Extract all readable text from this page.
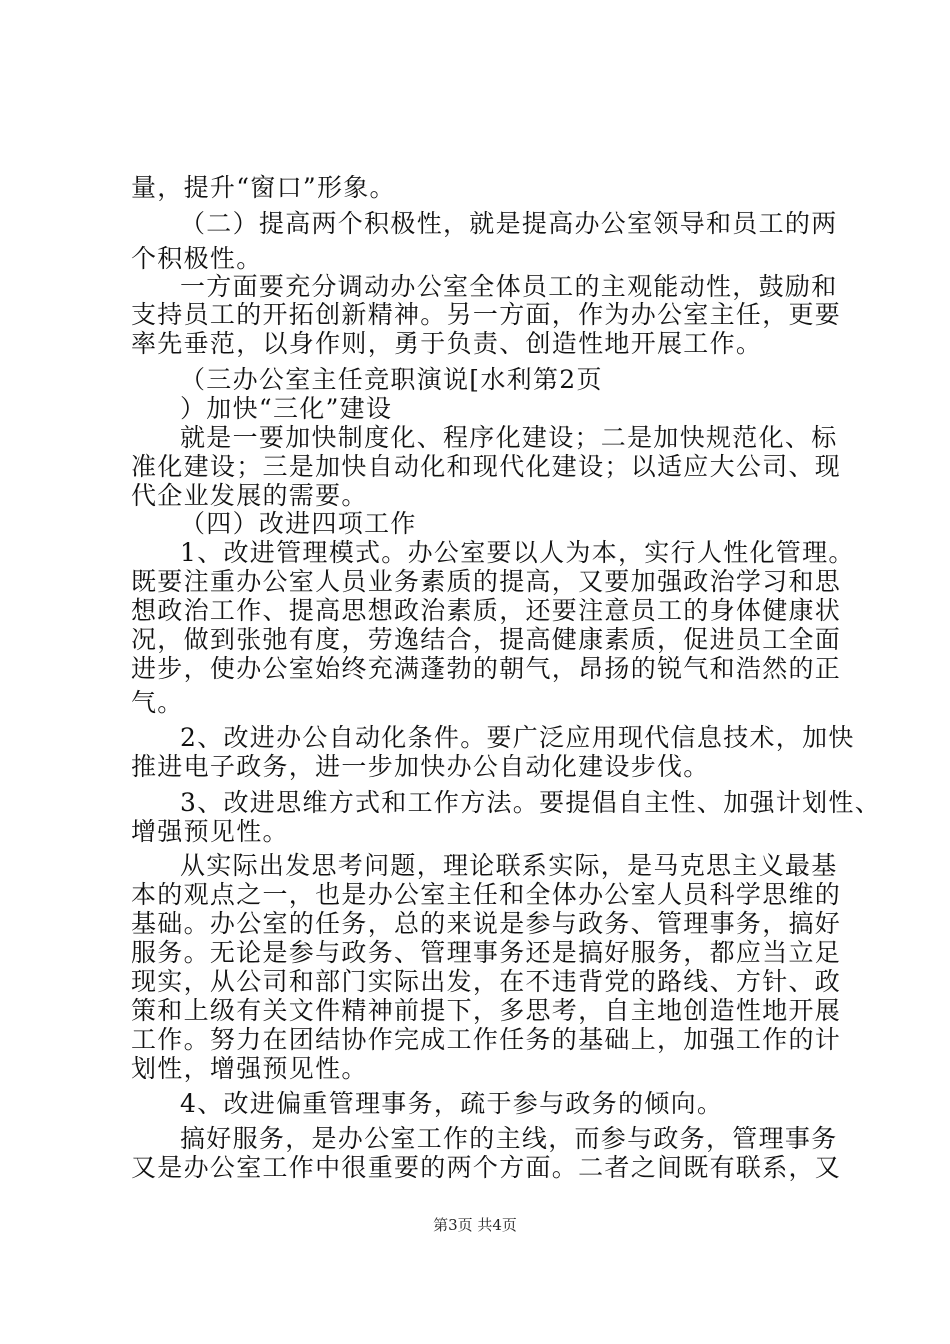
量，提升“窗口”形象。
（二）提高两个积极性，就是提高办公室领导和员工的两
个积极性。
一方面要充分调动办公室全体员工的主观能动性，鼓励和
支持员工的开拓创新精神。另一方面，作为办公室主任，更要
率先垂范，以身作则，勇于负责、创造性地开展工作。
（三办公室主任竞职演说[水利第2页
）加快“三化”建设
就是一要加快制度化、程序化建设；二是加快规范化、标
准化建设；三是加快自动化和现代化建设；以适应大公司、现
代企业发展的需要。
（四）改进四项工作
1、改进管理模式。办公室要以人为本，实行人性化管理。
既要注重办公室人员业务素质的提高，又要加强政治学习和思
想政治工作、提高思想政治素质，还要注意员工的身体健康状
况，做到张弛有度，劳逸结合，提高健康素质，促进员工全面
进步，使办公室始终充满蓬勃的朝气，昂扬的锐气和浩然的正
气。
2、改进办公自动化条件。要广泛应用现代信息技术，加快
推进电子政务，进一步加快办公自动化建设步伐。
3、改进思维方式和工作方法。要提倡自主性、加强计划性、
增强预见性。
从实际出发思考问题，理论联系实际，是马克思主义最基
本的观点之一，也是办公室主任和全体办公室人员科学思维的
基础。办公室的任务，总的来说是参与政务、管理事务，搞好
服务。无论是参与政务、管理事务还是搞好服务，都应当立足
现实，从公司和部门实际出发，在不违背党的路线、方针、政
策和上级有关文件精神前提下，多思考，自主地创造性地开展
工作。努力在团结协作完成工作任务的基础上，加强工作的计
划性，增强预见性。
4、改进偏重管理事务，疏于参与政务的倾向。
搞好服务，是办公室工作的主线，而参与政务，管理事务
又是办公室工作中很重要的两个方面。二者之间既有联系，又
第3页 共4页
